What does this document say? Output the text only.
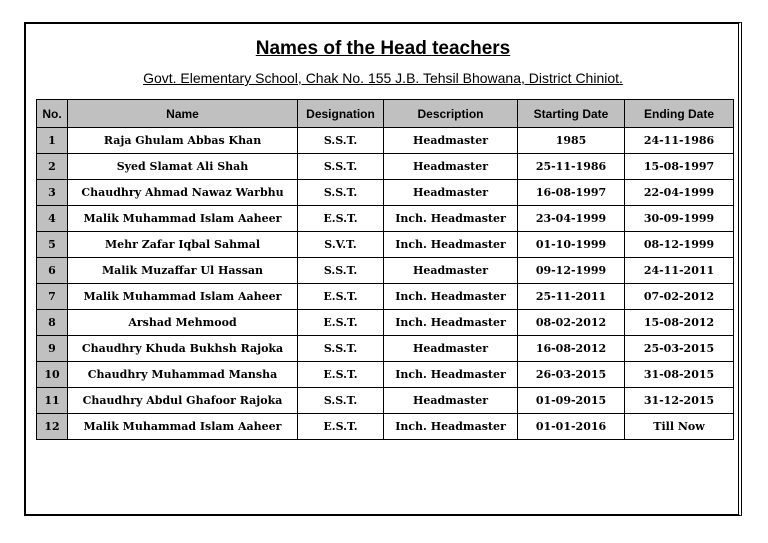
Names of the Head teachers
Govt. Elementary School, Chak No. 155 J.B. Tehsil Bhowana, District Chiniot.
No.	Name	Designation	Description	Starting Date	Ending Date
1	Raja Ghulam Abbas Khan	S.S.T.	Headmaster	1985	24-11-1986
2	Syed Slamat Ali Shah	S.S.T.	Headmaster	25-11-1986	15-08-1997
3	Chaudhry Ahmad Nawaz Warbhu	S.S.T.	Headmaster	16-08-1997	22-04-1999
4	Malik Muhammad Islam Aaheer	E.S.T.	Inch. Headmaster	23-04-1999	30-09-1999
5	Mehr Zafar Iqbal Sahmal	S.V.T.	Inch. Headmaster	01-10-1999	08-12-1999
6	Malik Muzaffar Ul Hassan	S.S.T.	Headmaster	09-12-1999	24-11-2011
7	Malik Muhammad Islam Aaheer	E.S.T.	Inch. Headmaster	25-11-2011	07-02-2012
8	Arshad Mehmood	E.S.T.	Inch. Headmaster	08-02-2012	15-08-2012
9	Chaudhry Khuda Bukhsh Rajoka	S.S.T.	Headmaster	16-08-2012	25-03-2015
10	Chaudhry Muhammad Mansha	E.S.T.	Inch. Headmaster	26-03-2015	31-08-2015
11	Chaudhry Abdul Ghafoor Rajoka	S.S.T.	Headmaster	01-09-2015	31-12-2015
12	Malik Muhammad Islam Aaheer	E.S.T.	Inch. Headmaster	01-01-2016	Till Now
